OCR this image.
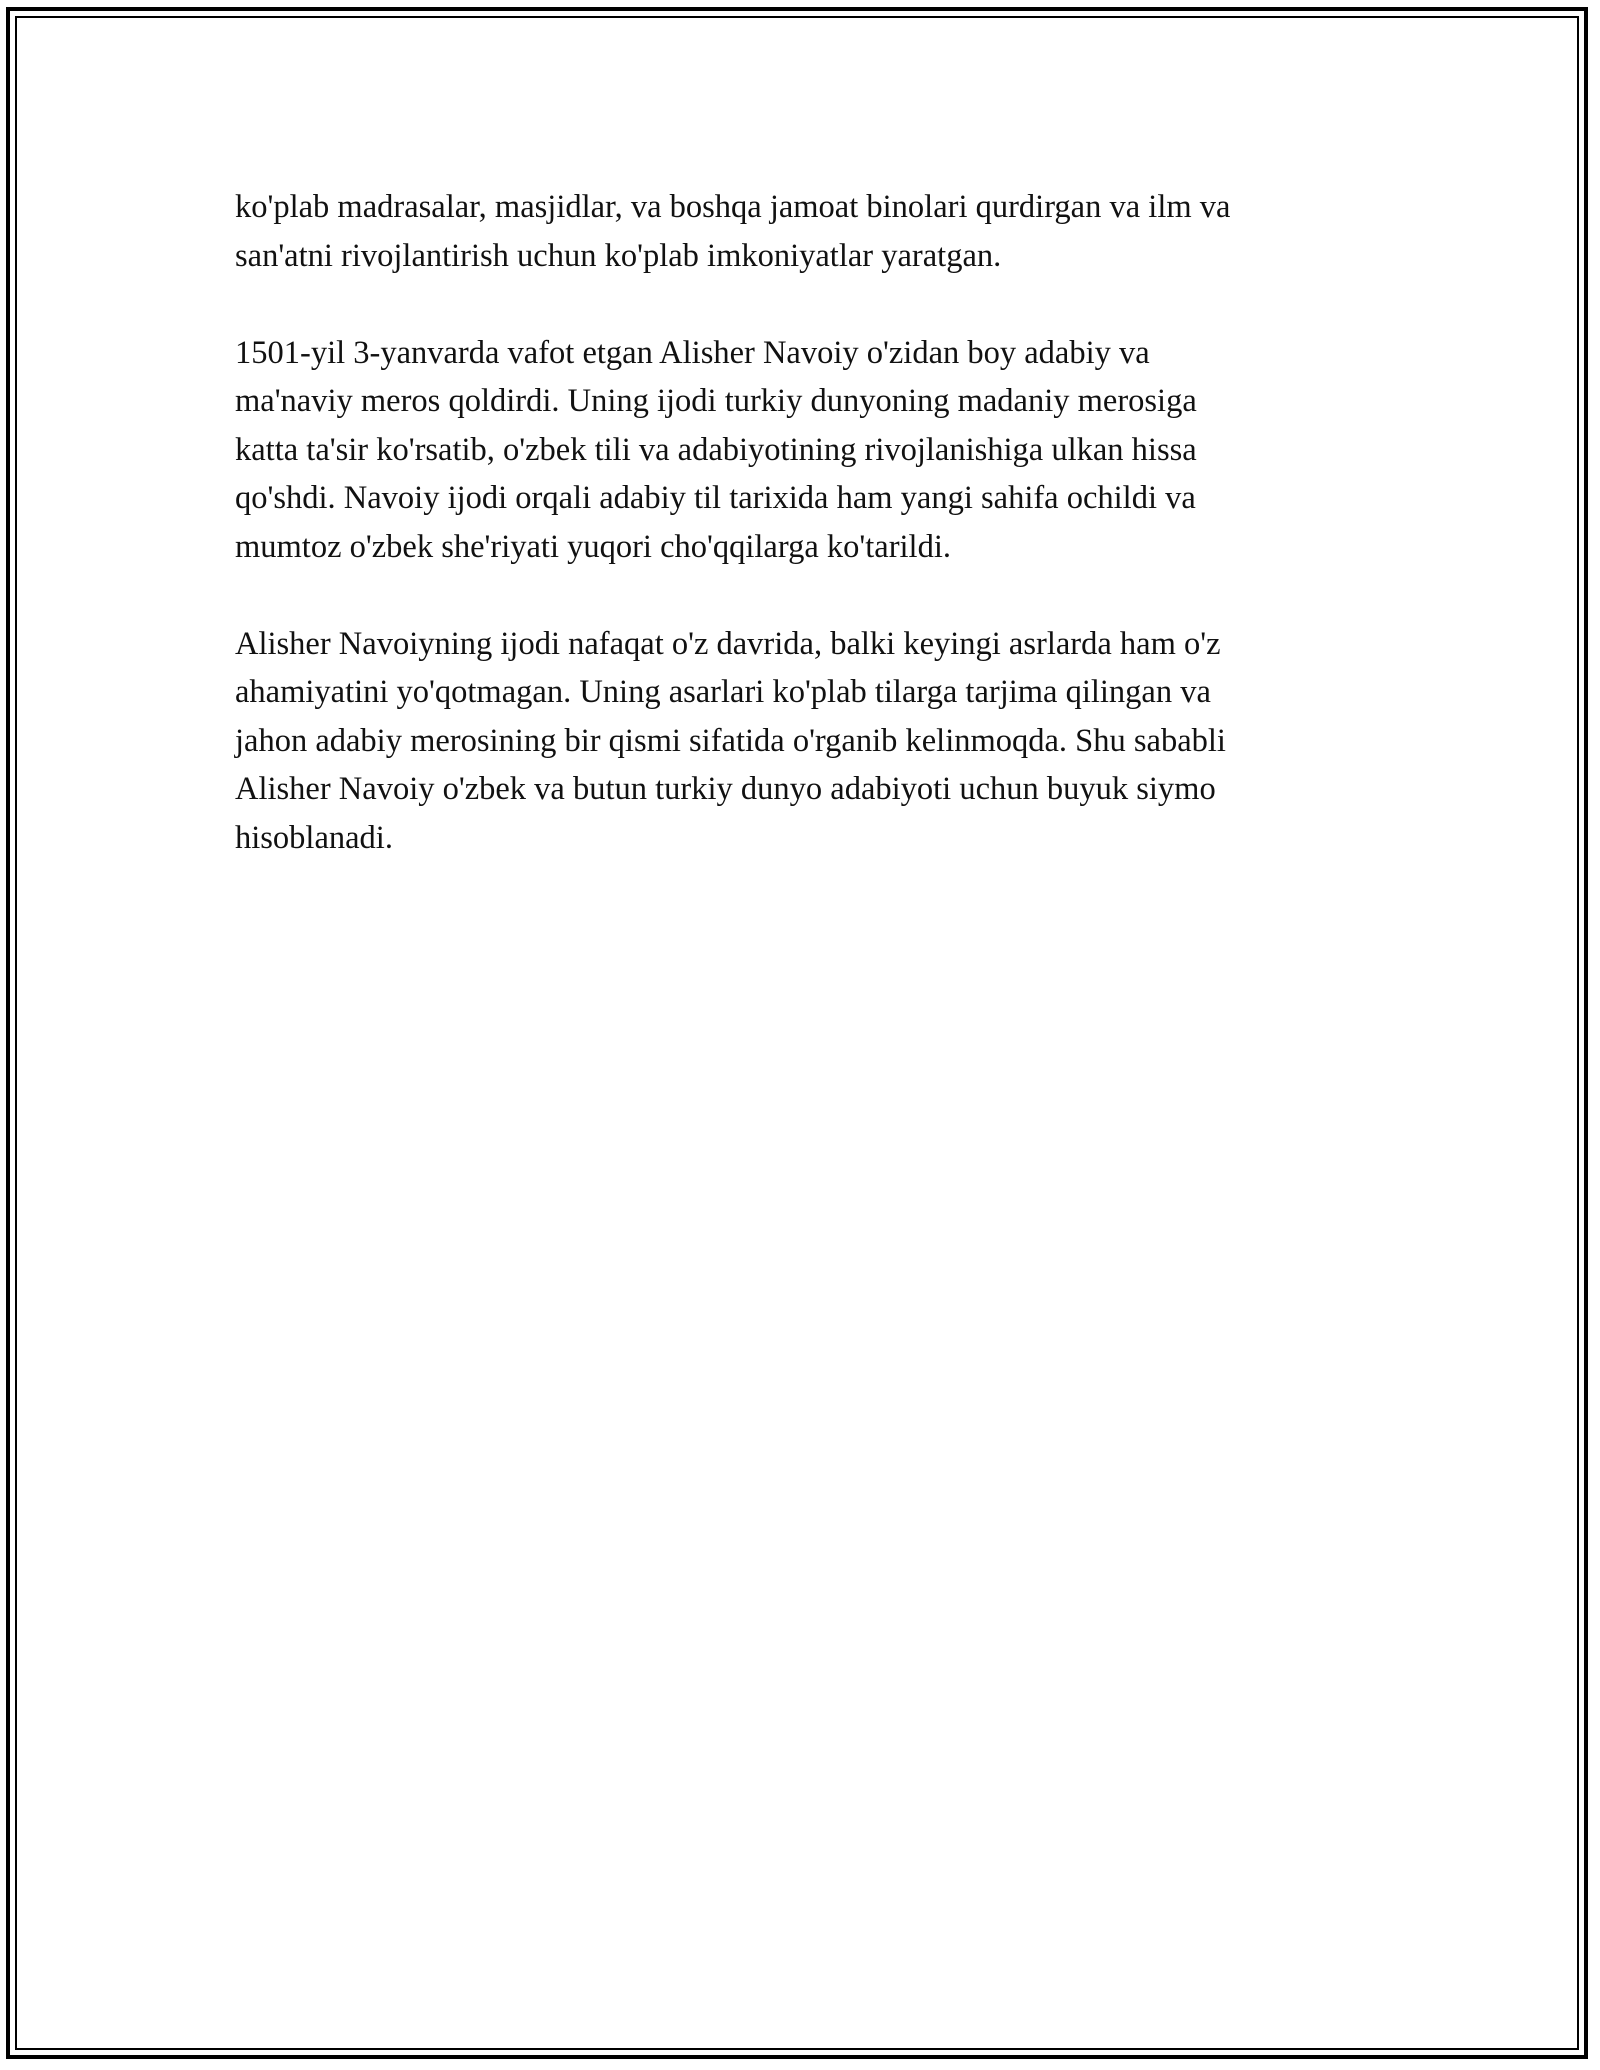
ko'plab madrasalar, masjidlar, va boshqa jamoat binolari qurdirgan va ilm va
san'atni rivojlantirish uchun ko'plab imkoniyatlar yaratgan.

1501-yil 3-yanvarda vafot etgan Alisher Navoiy o'zidan boy adabiy va
ma'naviy meros qoldirdi. Uning ijodi turkiy dunyoning madaniy merosiga
katta ta'sir ko'rsatib, o'zbek tili va adabiyotining rivojlanishiga ulkan hissa
qo'shdi. Navoiy ijodi orqali adabiy til tarixida ham yangi sahifa ochildi va
mumtoz o'zbek she'riyati yuqori cho'qqilarga ko'tarildi.

Alisher Navoiyning ijodi nafaqat o'z davrida, balki keyingi asrlarda ham o'z
ahamiyatini yo'qotmagan. Uning asarlari ko'plab tilarga tarjima qilingan va
jahon adabiy merosining bir qismi sifatida o'rganib kelinmoqda. Shu sababli
Alisher Navoiy o'zbek va butun turkiy dunyo adabiyoti uchun buyuk siymo
hisoblanadi.
